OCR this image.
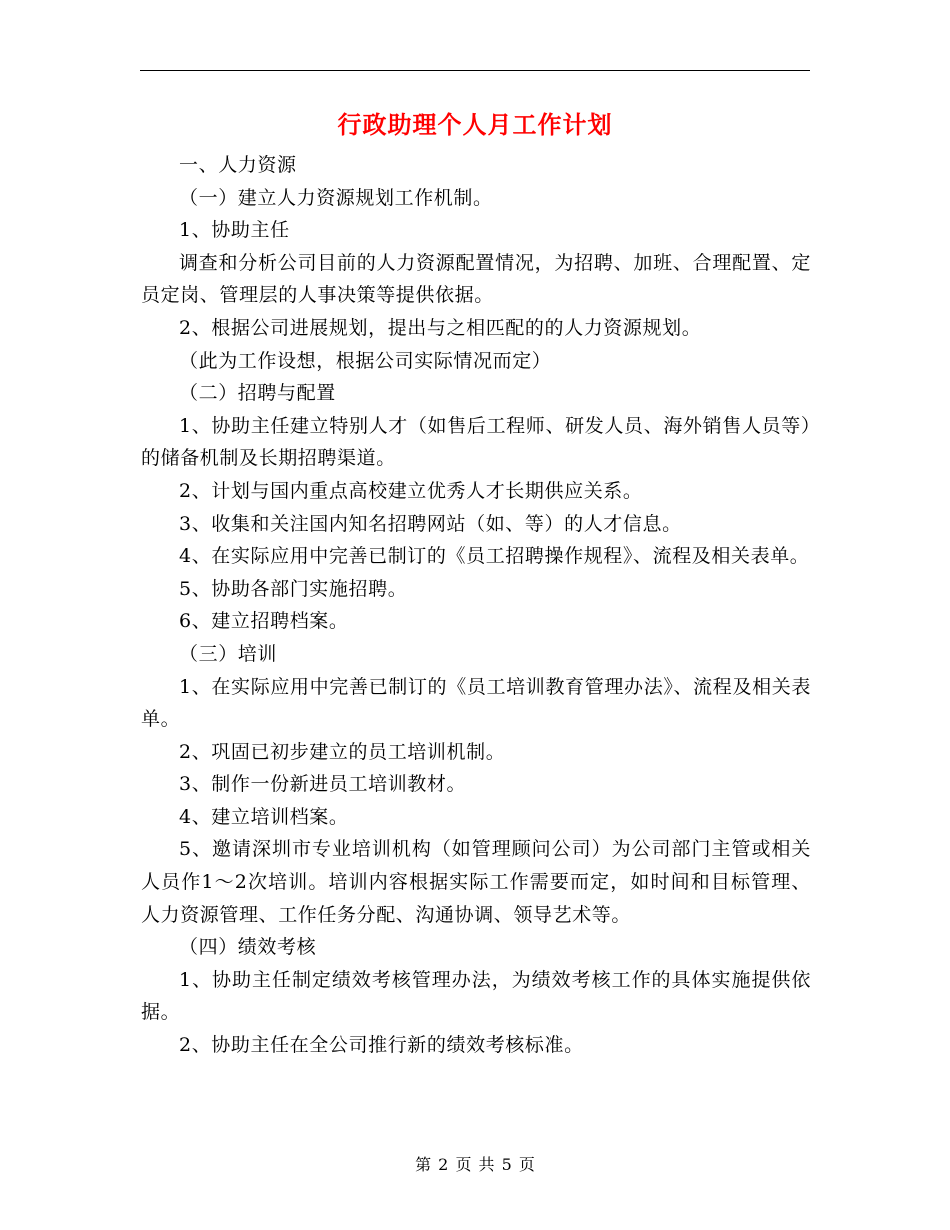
行政助理个人月工作计划

一、人力资源

（一）建立人力资源规划工作机制。

1、协助主任

调查和分析公司目前的人力资源配置情况，为招聘、加班、合理配置、定员定岗、管理层的人事决策等提供依据。

2、根据公司进展规划，提出与之相匹配的的人力资源规划。

（此为工作设想，根据公司实际情况而定）

（二）招聘与配置

1、协助主任建立特别人才（如售后工程师、研发人员、海外销售人员等）的储备机制及长期招聘渠道。

2、计划与国内重点高校建立优秀人才长期供应关系。

3、收集和关注国内知名招聘网站（如、等）的人才信息。

4、在实际应用中完善已制订的《员工招聘操作规程》、流程及相关表单。

5、协助各部门实施招聘。

6、建立招聘档案。

（三）培训

1、在实际应用中完善已制订的《员工培训教育管理办法》、流程及相关表单。

2、巩固已初步建立的员工培训机制。

3、制作一份新进员工培训教材。

4、建立培训档案。

5、邀请深圳市专业培训机构（如管理顾问公司）为公司部门主管或相关人员作1～2次培训。培训内容根据实际工作需要而定，如时间和目标管理、人力资源管理、工作任务分配、沟通协调、领导艺术等。

（四）绩效考核

1、协助主任制定绩效考核管理办法，为绩效考核工作的具体实施提供依据。

2、协助主任在全公司推行新的绩效考核标准。

第 2 页 共 5 页
